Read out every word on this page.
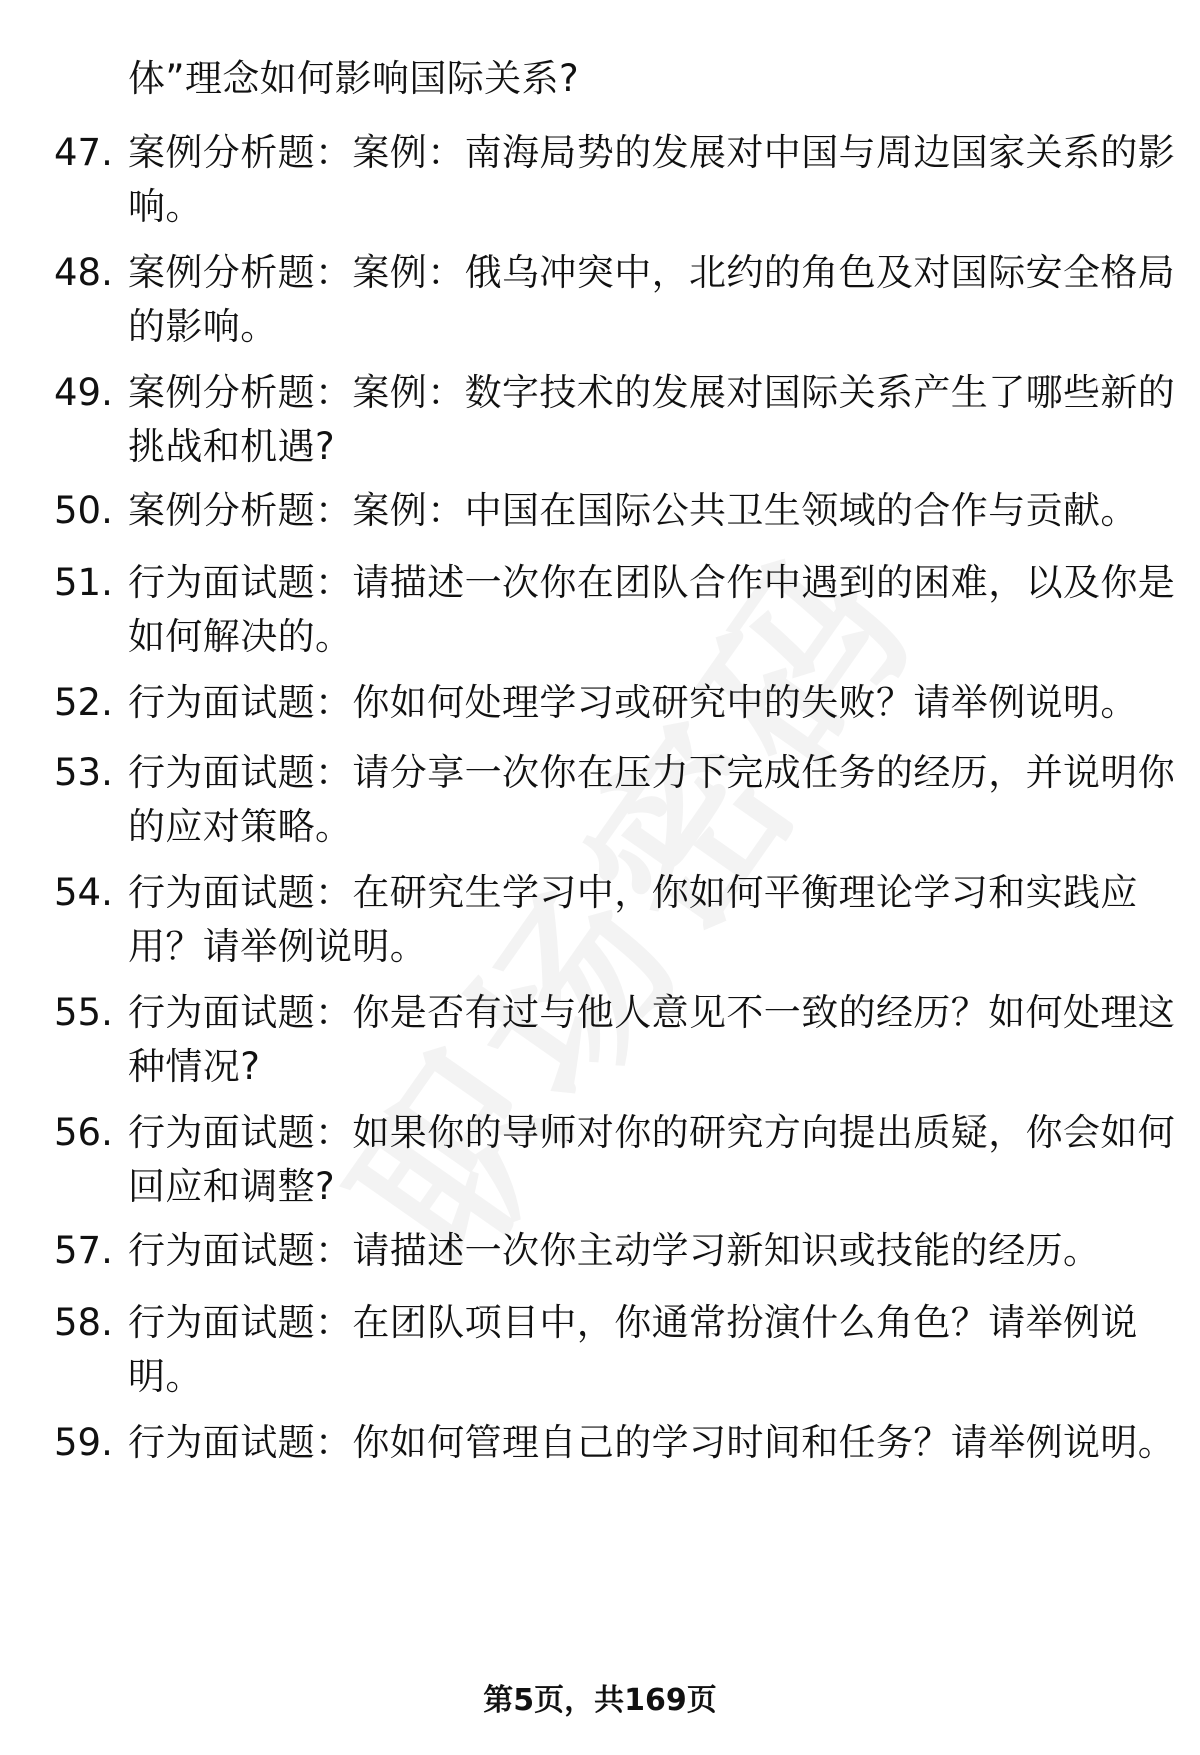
体”理念如何影响国际关系?
47. 案例分析题：案例：南海局势的发展对中国与周边国家关系的影
响。
48. 案例分析题：案例：俄乌冲突中，北约的角色及对国际安全格局
的影响。
49. 案例分析题：案例：数字技术的发展对国际关系产生了哪些新的
挑战和机遇?
50. 案例分析题：案例：中国在国际公共卫生领域的合作与贡献。
51. 行为面试题：请描述一次你在团队合作中遇到的困难，以及你是
如何解决的。
52. 行为面试题：你如何处理学习或研究中的失败？请举例说明。
53. 行为面试题：请分享一次你在压力下完成任务的经历，并说明你
的应对策略。
54. 行为面试题：在研究生学习中，你如何平衡理论学习和实践应
用？请举例说明。
55. 行为面试题：你是否有过与他人意见不一致的经历？如何处理这
种情况?
56. 行为面试题：如果你的导师对你的研究方向提出质疑，你会如何
回应和调整?
57. 行为面试题：请描述一次你主动学习新知识或技能的经历。
58. 行为面试题：在团队项目中，你通常扮演什么角色？请举例说
明。
59. 行为面试题：你如何管理自己的学习时间和任务？请举例说明。
第5页，共169页
